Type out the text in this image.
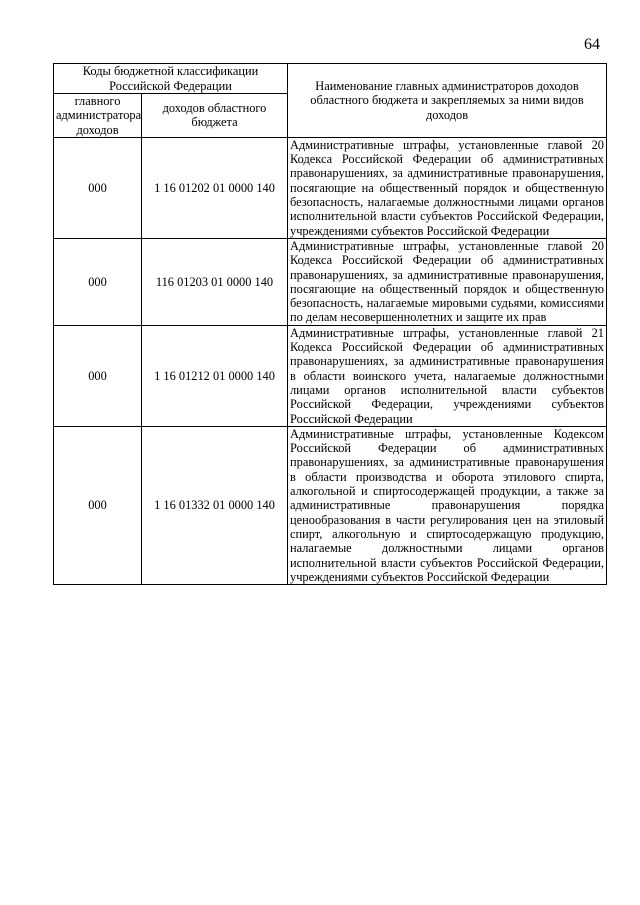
64
Коды бюджетной классификации Российской Федерации		Наименование главных администраторов доходов областного бюджета и закрепляемых за ними видов доходов
главного администратора доходов	доходов областного бюджета	
000	1 16 01202 01 0000 140	Административные штрафы, установленные главой 20 Кодекса Российской Федерации об административных правонарушениях, за административные правонарушения, посягающие на общественный порядок и общественную безопасность, налагаемые должностными лицами органов исполнительной власти субъектов Российской Федерации, учреждениями субъектов Российской Федерации
000	116 01203 01 0000 140	Административные штрафы, установленные главой 20 Кодекса Российской Федерации об административных правонарушениях, за административные правонарушения, посягающие на общественный порядок и общественную безопасность, налагаемые мировыми судьями, комиссиями по делам несовершеннолетних и защите их прав
000	1 16 01212 01 0000 140	Административные штрафы, установленные главой 21 Кодекса Российской Федерации об административных правонарушениях, за административные правонарушения в области воинского учета, налагаемые должностными лицами органов исполнительной власти субъектов Российской Федерации, учреждениями субъектов Российской Федерации
000	1 16 01332 01 0000 140	Административные штрафы, установленные Кодексом Российской Федерации об административных правонарушениях, за административные правонарушения в области производства и оборота этилового спирта, алкогольной и спиртосодержащей продукции, а также за административные правонарушения порядка ценообразования в части регулирования цен на этиловый спирт, алкогольную и спиртосодержащую продукцию, налагаемые должностными лицами органов исполнительной власти субъектов Российской Федерации, учреждениями субъектов Российской Федерации
